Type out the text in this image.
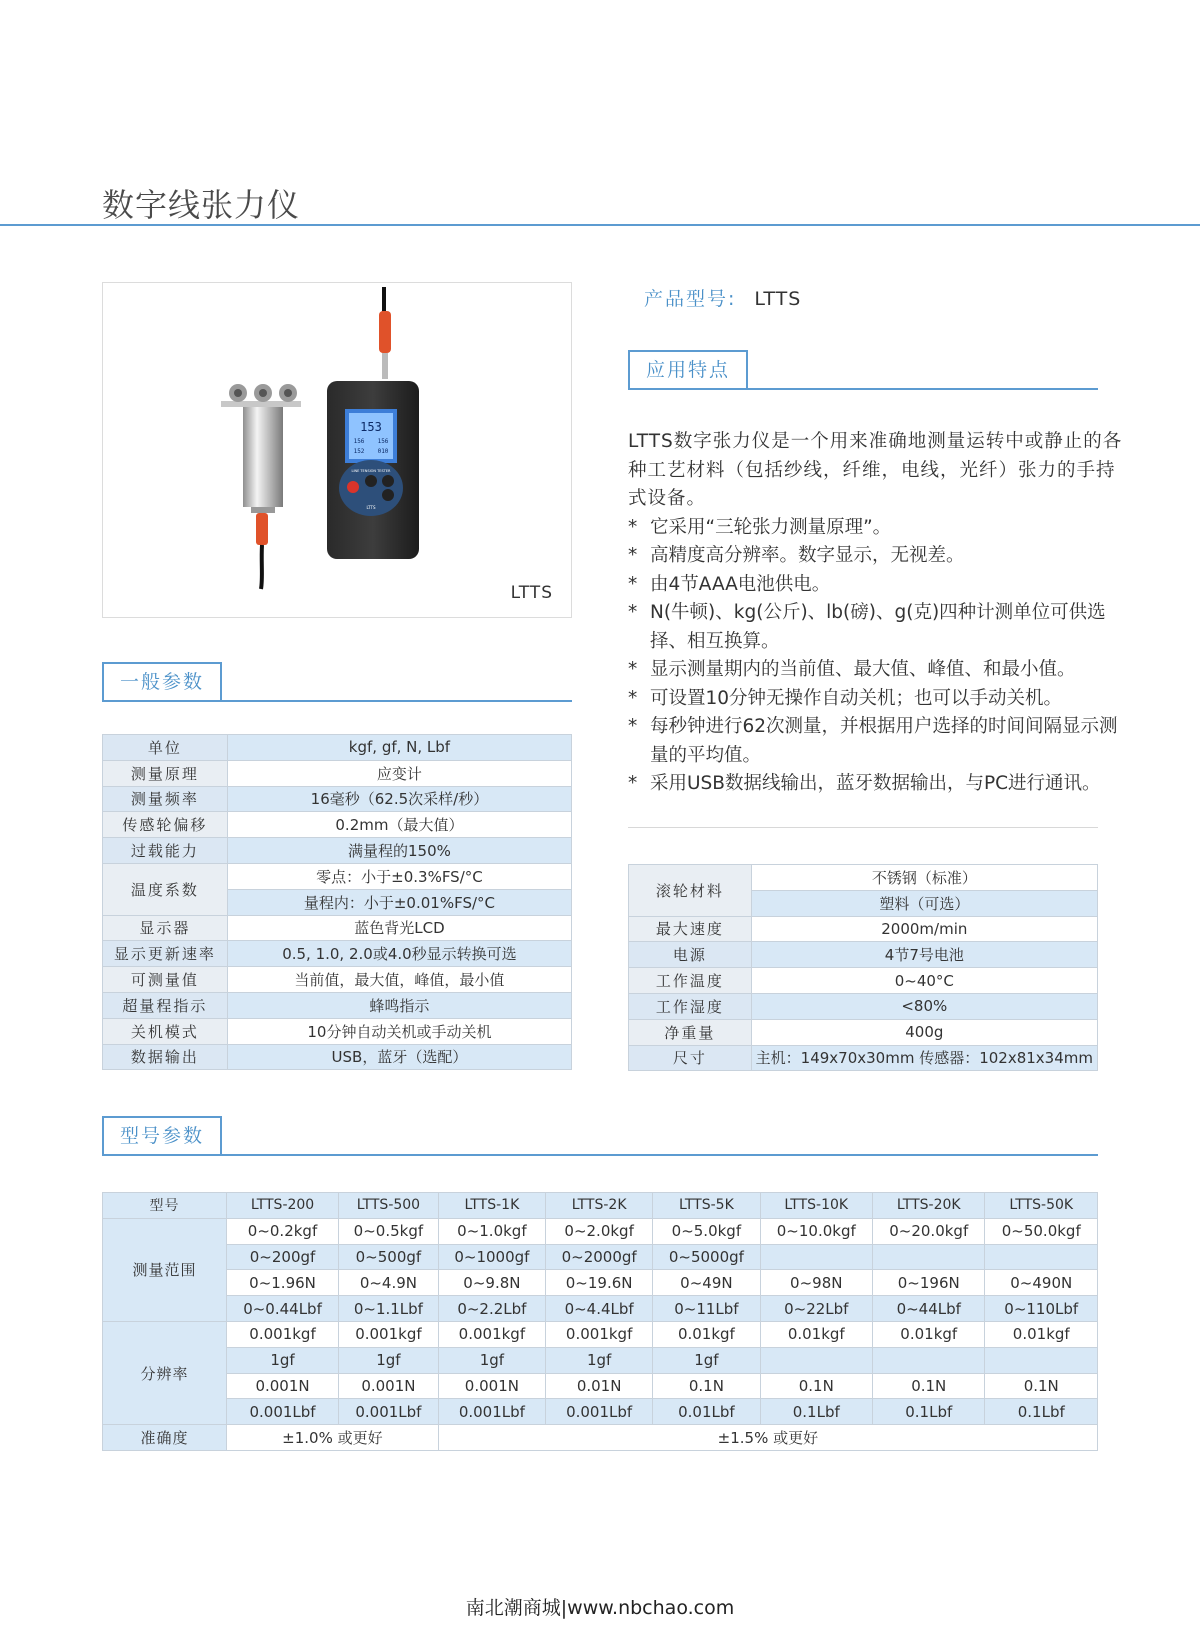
数字线张力仪
153
156 156
152 010
LINE TENSION TESTER
LTTS
LTTS
产品型号: LTTS
应用特点
LTTS数字张力仪是一个用来准确地测量运转中或静止的各种工艺材料（包括纱线，纤维，电线，光纤）张力的手持式设备。
* 它采用“三轮张力测量原理”。
* 高精度高分辨率。数字显示，无视差。
* 由4节AAA电池供电。
* N(牛顿)、kg(公斤)、lb(磅)、g(克)四种计测单位可供选择、相互换算。
* 显示测量期内的当前值、最大值、峰值、和最小值。
* 可设置10分钟无操作自动关机；也可以手动关机。
* 每秒钟进行62次测量，并根据用户选择的时间间隔显示测量的平均值。
* 采用USB数据线输出，蓝牙数据输出，与PC进行通讯。
一般参数
单位	kgf, gf, N, Lbf
测量原理	应变计
测量频率	16毫秒（62.5次采样/秒）
传感轮偏移	0.2mm（最大值）
过载能力	满量程的150%
温度系数	零点：小于±0.3%FS/°C
	量程内：小于±0.01%FS/°C
显示器	蓝色背光LCD
显示更新速率	0.5, 1.0, 2.0或4.0秒显示转换可选
可测量值	当前值，最大值，峰值，最小值
超量程指示	蜂鸣指示
关机模式	10分钟自动关机或手动关机
数据输出	USB，蓝牙（选配）
滚轮材料	不锈钢（标准）
	塑料（可选）
最大速度	2000m/min
电源	4节7号电池
工作温度	0~40°C
工作湿度	<80%
净重量	400g
尺寸	主机：149x70x30mm 传感器：102x81x34mm
型号参数
型号	LTTS-200	LTTS-500	LTTS-1K	LTTS-2K	LTTS-5K	LTTS-10K	LTTS-20K	LTTS-50K
测量范围	0~0.2kgf	0~0.5kgf	0~1.0kgf	0~2.0kgf	0~5.0kgf	0~10.0kgf	0~20.0kgf	0~50.0kgf
	0~200gf	0~500gf	0~1000gf	0~2000gf	0~5000gf			
	0~1.96N	0~4.9N	0~9.8N	0~19.6N	0~49N	0~98N	0~196N	0~490N
	0~0.44Lbf	0~1.1Lbf	0~2.2Lbf	0~4.4Lbf	0~11Lbf	0~22Lbf	0~44Lbf	0~110Lbf
分辨率	0.001kgf	0.001kgf	0.001kgf	0.001kgf	0.01kgf	0.01kgf	0.01kgf	0.01kgf
	1gf	1gf	1gf	1gf	1gf			
	0.001N	0.001N	0.001N	0.01N	0.1N	0.1N	0.1N	0.1N
	0.001Lbf	0.001Lbf	0.001Lbf	0.001Lbf	0.01Lbf	0.1Lbf	0.1Lbf	0.1Lbf
准确度	±1.0% 或更好		±1.5% 或更好					
南北潮商城|www.nbchao.com
